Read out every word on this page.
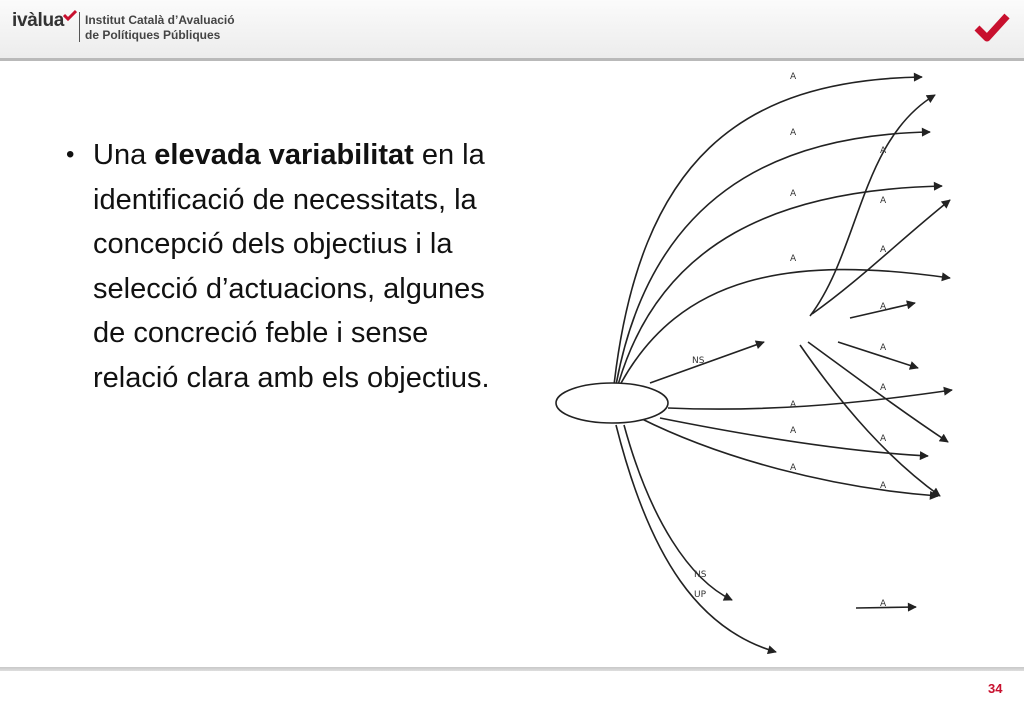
ivàlua Institut Català d’Avaluació
de Polítiques Públiques
• Una elevada variabilitat en la identificació de necessitats, la concepció dels objectius i la selecció d’actuacions, algunes de concreció feble i sense relació clara amb els objectius.
A
A
A
A
A
A
A
A
A
A
A
A
A
A
A
A
NS
NS
UP
34
